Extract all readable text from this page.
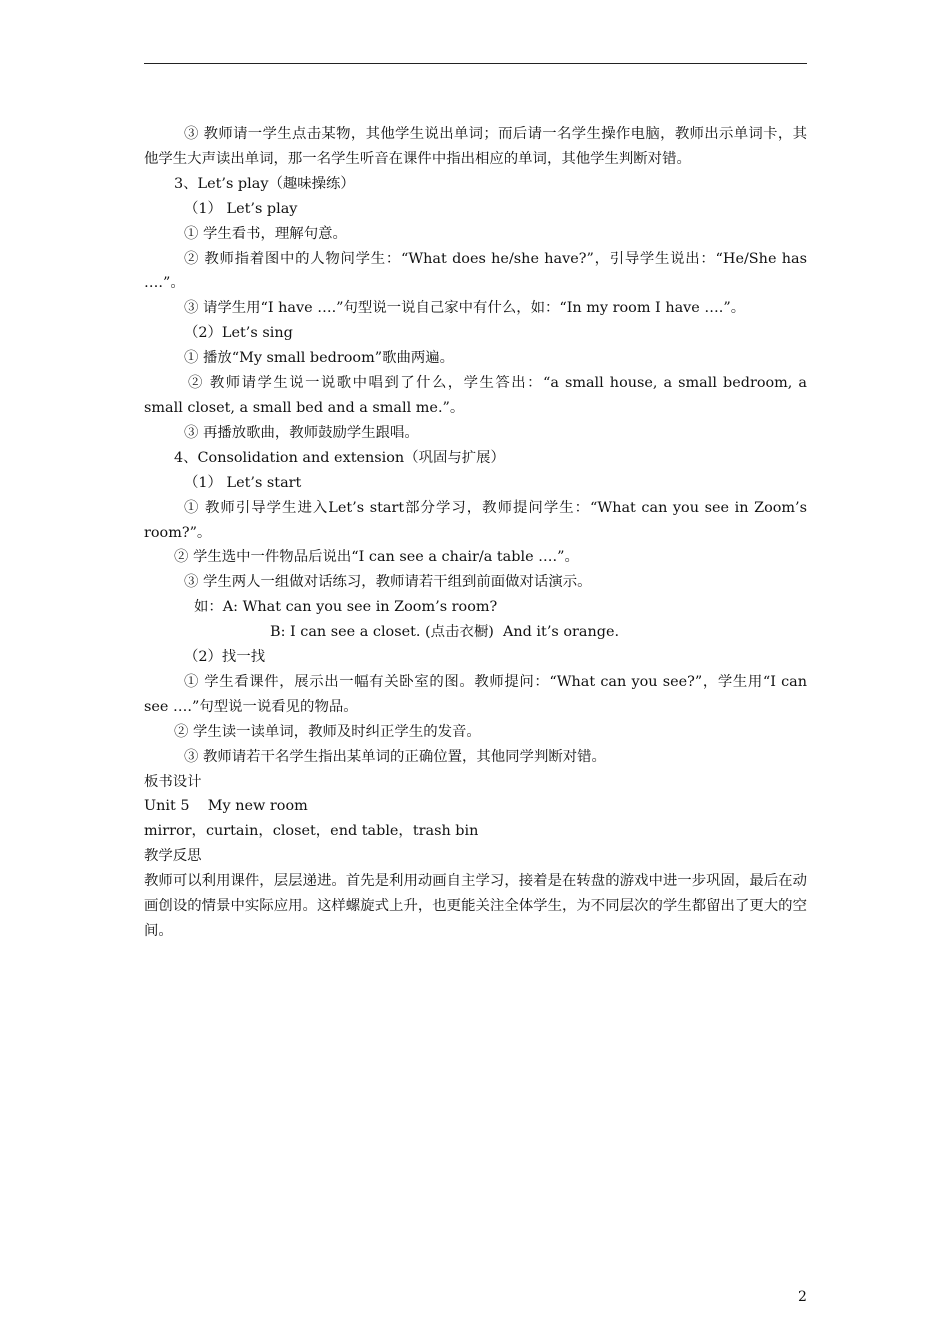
③ 教师请一学生点击某物，其他学生说出单词；而后请一名学生操作电脑，教师出示单词卡，其他学生大声读出单词，那一名学生听音在课件中指出相应的单词，其他学生判断对错。

3、Let’s play（趣味操练）

（1） Let’s play

① 学生看书，理解句意。

② 教师指着图中的人物问学生：“What does he/she have?”，引导学生说出：“He/She has ….”。

③ 请学生用“I have ….”句型说一说自己家中有什么，如：“In my room I have ….”。

（2）Let’s sing

① 播放“My small bedroom”歌曲两遍。

② 教师请学生说一说歌中唱到了什么，学生答出：“a small house, a small bedroom, a small closet, a small bed and a small me.”。

③ 再播放歌曲，教师鼓励学生跟唱。

4、Consolidation and extension（巩固与扩展）

（1） Let’s start

① 教师引导学生进入Let’s start部分学习，教师提问学生：“What can you see in Zoom’s room?”。

② 学生选中一件物品后说出“I can see a chair/a table ….”。

③ 学生两人一组做对话练习，教师请若干组到前面做对话演示。

如：A: What can you see in Zoom’s room?

B: I can see a closet. (点击衣橱)  And it’s orange.

（2）找一找

① 学生看课件，展示出一幅有关卧室的图。教师提问：“What can you see?”，学生用“I can see ….”句型说一说看见的物品。

② 学生读一读单词，教师及时纠正学生的发音。

③ 教师请若干名学生指出某单词的正确位置，其他同学判断对错。

板书设计

Unit 5    My new room

mirror，curtain，closet，end table，trash bin

教学反思

教师可以利用课件，层层递进。首先是利用动画自主学习，接着是在转盘的游戏中进一步巩固，最后在动画创设的情景中实际应用。这样螺旋式上升，也更能关注全体学生，为不同层次的学生都留出了更大的空间。

2
